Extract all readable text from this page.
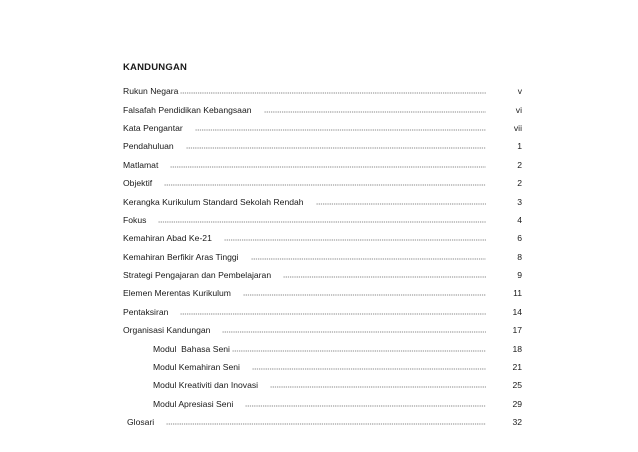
KANDUNGAN
Rukun Negara	v
Falsafah Pendidikan Kebangsaan	vi
Kata Pengantar	vii
Pendahuluan	1
Matlamat	2
Objektif	2
Kerangka Kurikulum Standard Sekolah Rendah	3
Fokus	4
Kemahiran Abad Ke-21	6
Kemahiran Berfikir Aras Tinggi	8
Strategi Pengajaran dan Pembelajaran	9
Elemen Merentas Kurikulum	11
Pentaksiran	14
Organisasi Kandungan	17
Modul  Bahasa Seni	18
Modul Kemahiran Seni	21
Modul Kreativiti dan Inovasi	25
Modul Apresiasi Seni	29
Glosari	32
